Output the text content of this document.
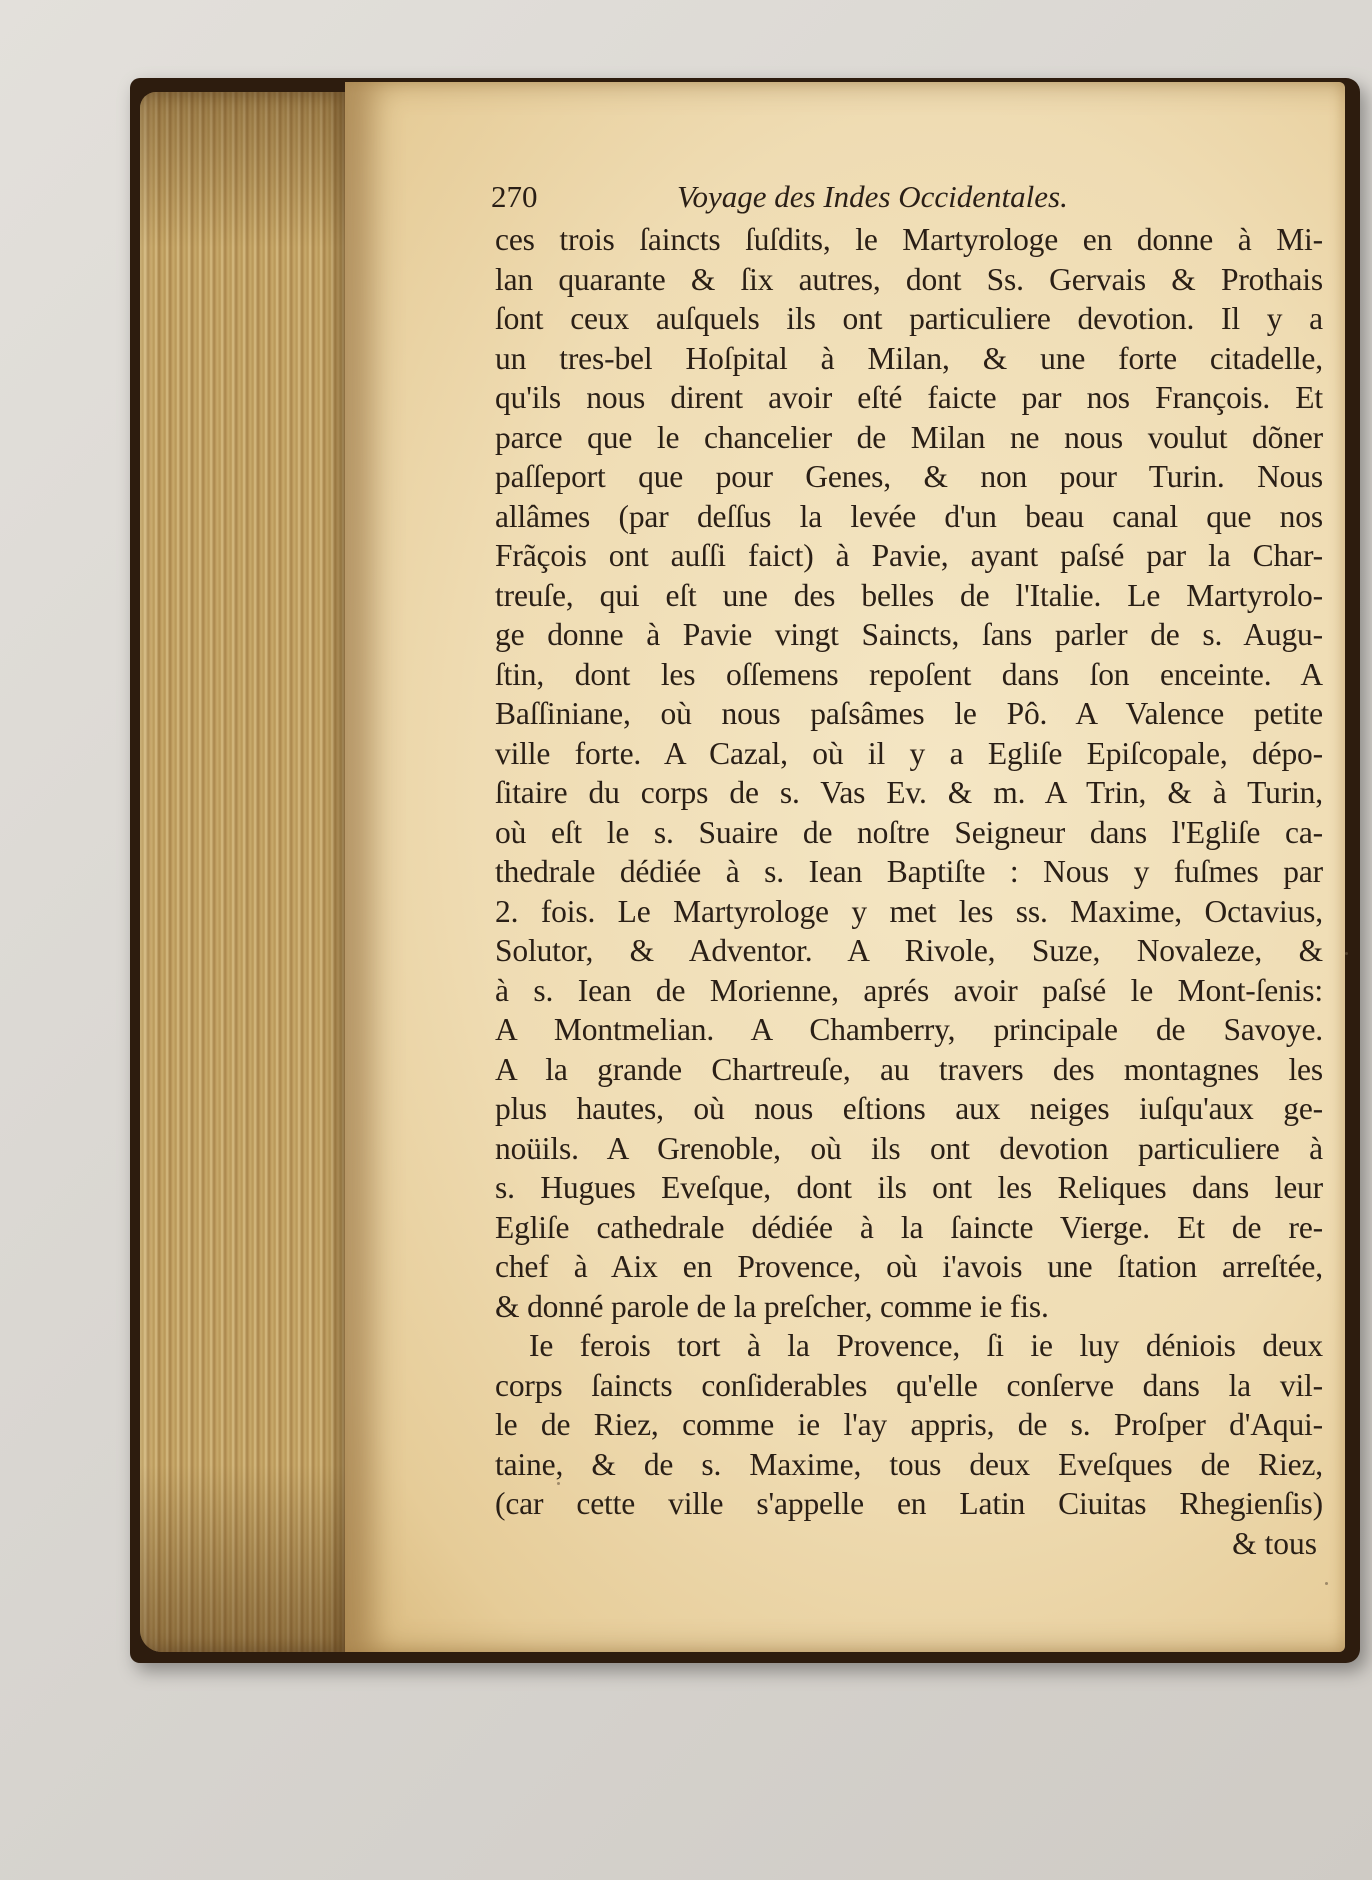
270	Voyage des Indes Occidentales.
ces trois ſaincts ſuſdits, le Martyrologe en donne à Mi-
lan quarante & ſix autres, dont Ss. Gervais & Prothais
ſont ceux auſquels ils ont particuliere devotion. Il y a
un tres-bel Hoſpital à Milan, & une forte citadelle,
qu'ils nous dirent avoir eſté faicte par nos François. Et
parce que le chancelier de Milan ne nous voulut dõner
paſſeport que pour Genes, & non pour Turin. Nous
allâmes (par deſſus la levée d'un beau canal que nos
Frãçois ont auſſi faict) à Pavie, ayant paſsé par la Char-
treuſe, qui eſt une des belles de l'Italie. Le Martyrolo-
ge donne à Pavie vingt Saincts, ſans parler de s. Augu-
ſtin, dont les oſſemens repoſent dans ſon enceinte. A
Baſſiniane, où nous paſsâmes le Pô. A Valence petite
ville forte. A Cazal, où il y a Egliſe Epiſcopale, dépo-
ſitaire du corps de s. Vas Ev. & m. A Trin, & à Turin,
où eſt le s. Suaire de noſtre Seigneur dans l'Egliſe ca-
thedrale dédiée à s. Iean Baptiſte : Nous y fuſmes par
2. fois. Le Martyrologe y met les ss. Maxime, Octavius,
Solutor, & Adventor. A Rivole, Suze, Novaleze, &
à s. Iean de Morienne, aprés avoir paſsé le Mont-ſenis:
A Montmelian. A Chamberry, principale de Savoye.
A la grande Chartreuſe, au travers des montagnes les
plus hautes, où nous eſtions aux neiges iuſqu'aux ge-
noüils. A Grenoble, où ils ont devotion particuliere à
s. Hugues Eveſque, dont ils ont les Reliques dans leur
Egliſe cathedrale dédiée à la ſaincte Vierge. Et de re-
chef à Aix en Provence, où i'avois une ſtation arreſtée,
& donné parole de la preſcher, comme ie fis.
Ie ferois tort à la Provence, ſi ie luy déniois deux
corps ſaincts conſiderables qu'elle conſerve dans la vil-
le de Riez, comme ie l'ay appris, de s. Proſper d'Aqui-
taine, & de s. Maxime, tous deux Eveſques de Riez,
(car cette ville s'appelle en Latin Ciuitas Rhegienſis)
& tous
